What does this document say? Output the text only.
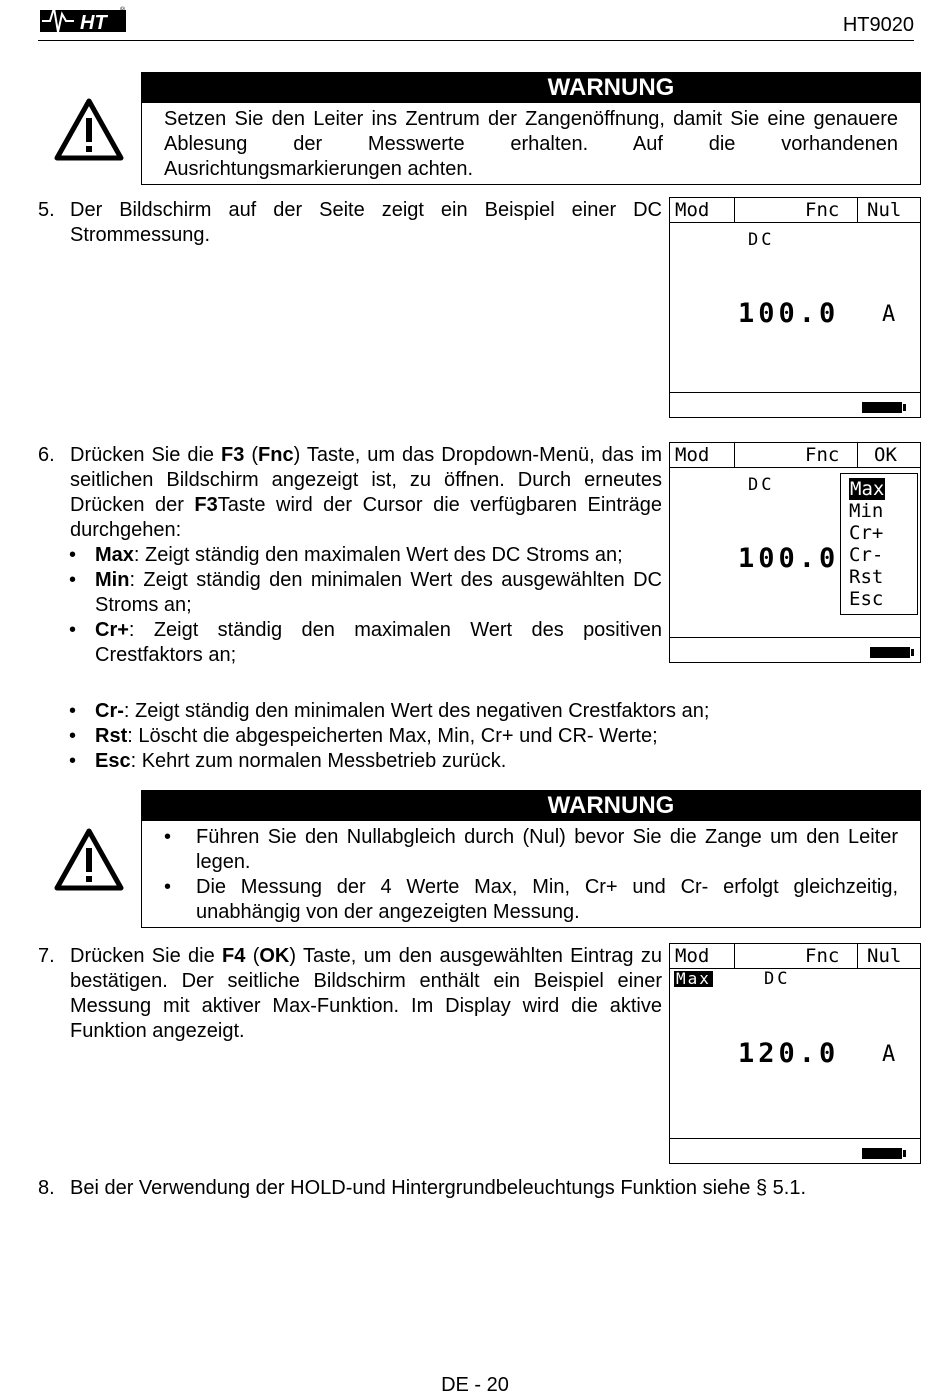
HT
®
HT9020
WARNUNG
Setzen Sie den Leiter ins Zentrum der Zangenöffnung, damit Sie eine genauere Ablesung der Messwerte erhalten. Auf die vorhandenen Ausrichtungsmarkierungen achten.
5. Der Bildschirm auf der Seite zeigt ein Beispiel einer DC Strommessung.
Mod	Fnc Nul
DC
100.0 A
6. Drücken Sie die F3 (Fnc) Taste, um das Dropdown-Menü, das im seitlichen Bildschirm angezeigt ist, zu öffnen. Durch erneutes Drücken der F3Taste wird der Cursor die verfügbaren Einträge durchgehen:
• Max: Zeigt ständig den maximalen Wert des DC Stroms an;
• Min: Zeigt ständig den minimalen Wert des ausgewählten DC Stroms an;
• Cr+: Zeigt ständig den maximalen Wert des positiven Crestfaktors an;
• Cr-: Zeigt ständig den minimalen Wert des negativen Crestfaktors an;
• Rst: Löscht die abgespeicherten Max, Min, Cr+ und CR- Werte;
• Esc: Kehrt zum normalen Messbetrieb zurück.
Mod	Fnc OK
DC
100.0
Max
Min
Cr+
Cr-
Rst
Esc
WARNUNG
• Führen Sie den Nullabgleich durch (Nul) bevor Sie die Zange um den Leiter legen.
• Die Messung der 4 Werte Max, Min, Cr+ und Cr- erfolgt gleichzeitig, unabhängig von der angezeigten Messung.
7. Drücken Sie die F4 (OK) Taste, um den ausgewählten Eintrag zu bestätigen. Der seitliche Bildschirm enthält ein Beispiel einer Messung mit aktiver Max-Funktion. Im Display wird die aktive Funktion angezeigt.
Mod	Fnc Nul
Max	DC
120.0 A
8. Bei der Verwendung der HOLD-und Hintergrundbeleuchtungs Funktion siehe § 5.1.
DE - 20
